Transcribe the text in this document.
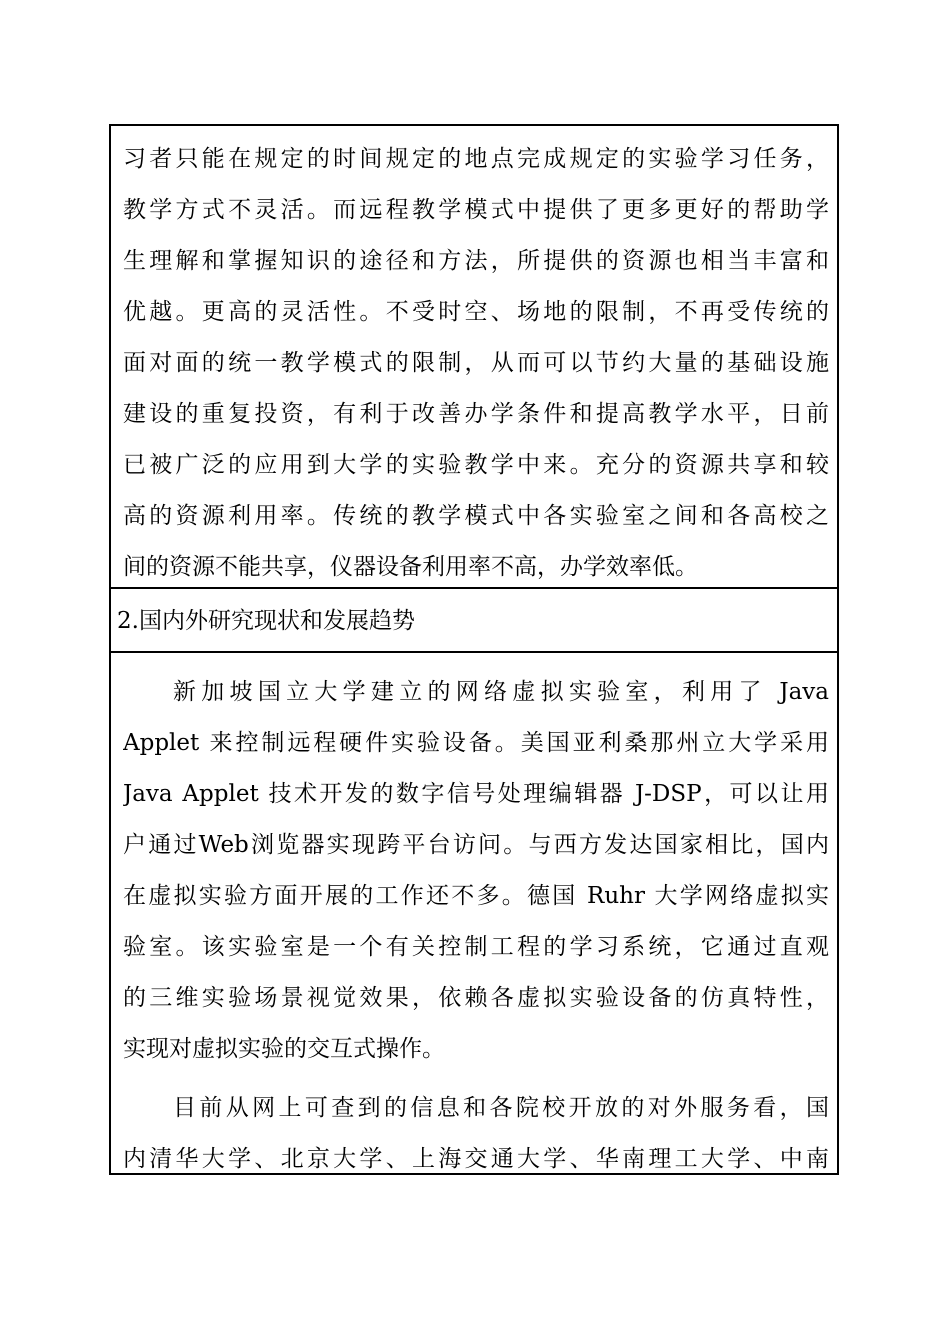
习者只能在规定的时间规定的地点完成规定的实验学习任务，
教学方式不灵活。而远程教学模式中提供了更多更好的帮助学
生理解和掌握知识的途径和方法，所提供的资源也相当丰富和
优越。更高的灵活性。不受时空、场地的限制，不再受传统的
面对面的统一教学模式的限制，从而可以节约大量的基础设施
建设的重复投资，有利于改善办学条件和提高教学水平，日前
已被广泛的应用到大学的实验教学中来。充分的资源共享和较
高的资源利用率。传统的教学模式中各实验室之间和各高校之
间的资源不能共享，仪器设备利用率不高，办学效率低。
2.国内外研究现状和发展趋势
新加坡国立大学建立的网络虚拟实验室，利用了 Java
Applet 来控制远程硬件实验设备。美国亚利桑那州立大学采用
Java Applet 技术开发的数字信号处理编辑器 J-DSP，可以让用
户通过Web浏览器实现跨平台访问。与西方发达国家相比，国内
在虚拟实验方面开展的工作还不多。德国 Ruhr 大学网络虚拟实
验室。该实验室是一个有关控制工程的学习系统，它通过直观
的三维实验场景视觉效果，依赖各虚拟实验设备的仿真特性，
实现对虚拟实验的交互式操作。
目前从网上可查到的信息和各院校开放的对外服务看，国
内清华大学、北京大学、上海交通大学、华南理工大学、中南
